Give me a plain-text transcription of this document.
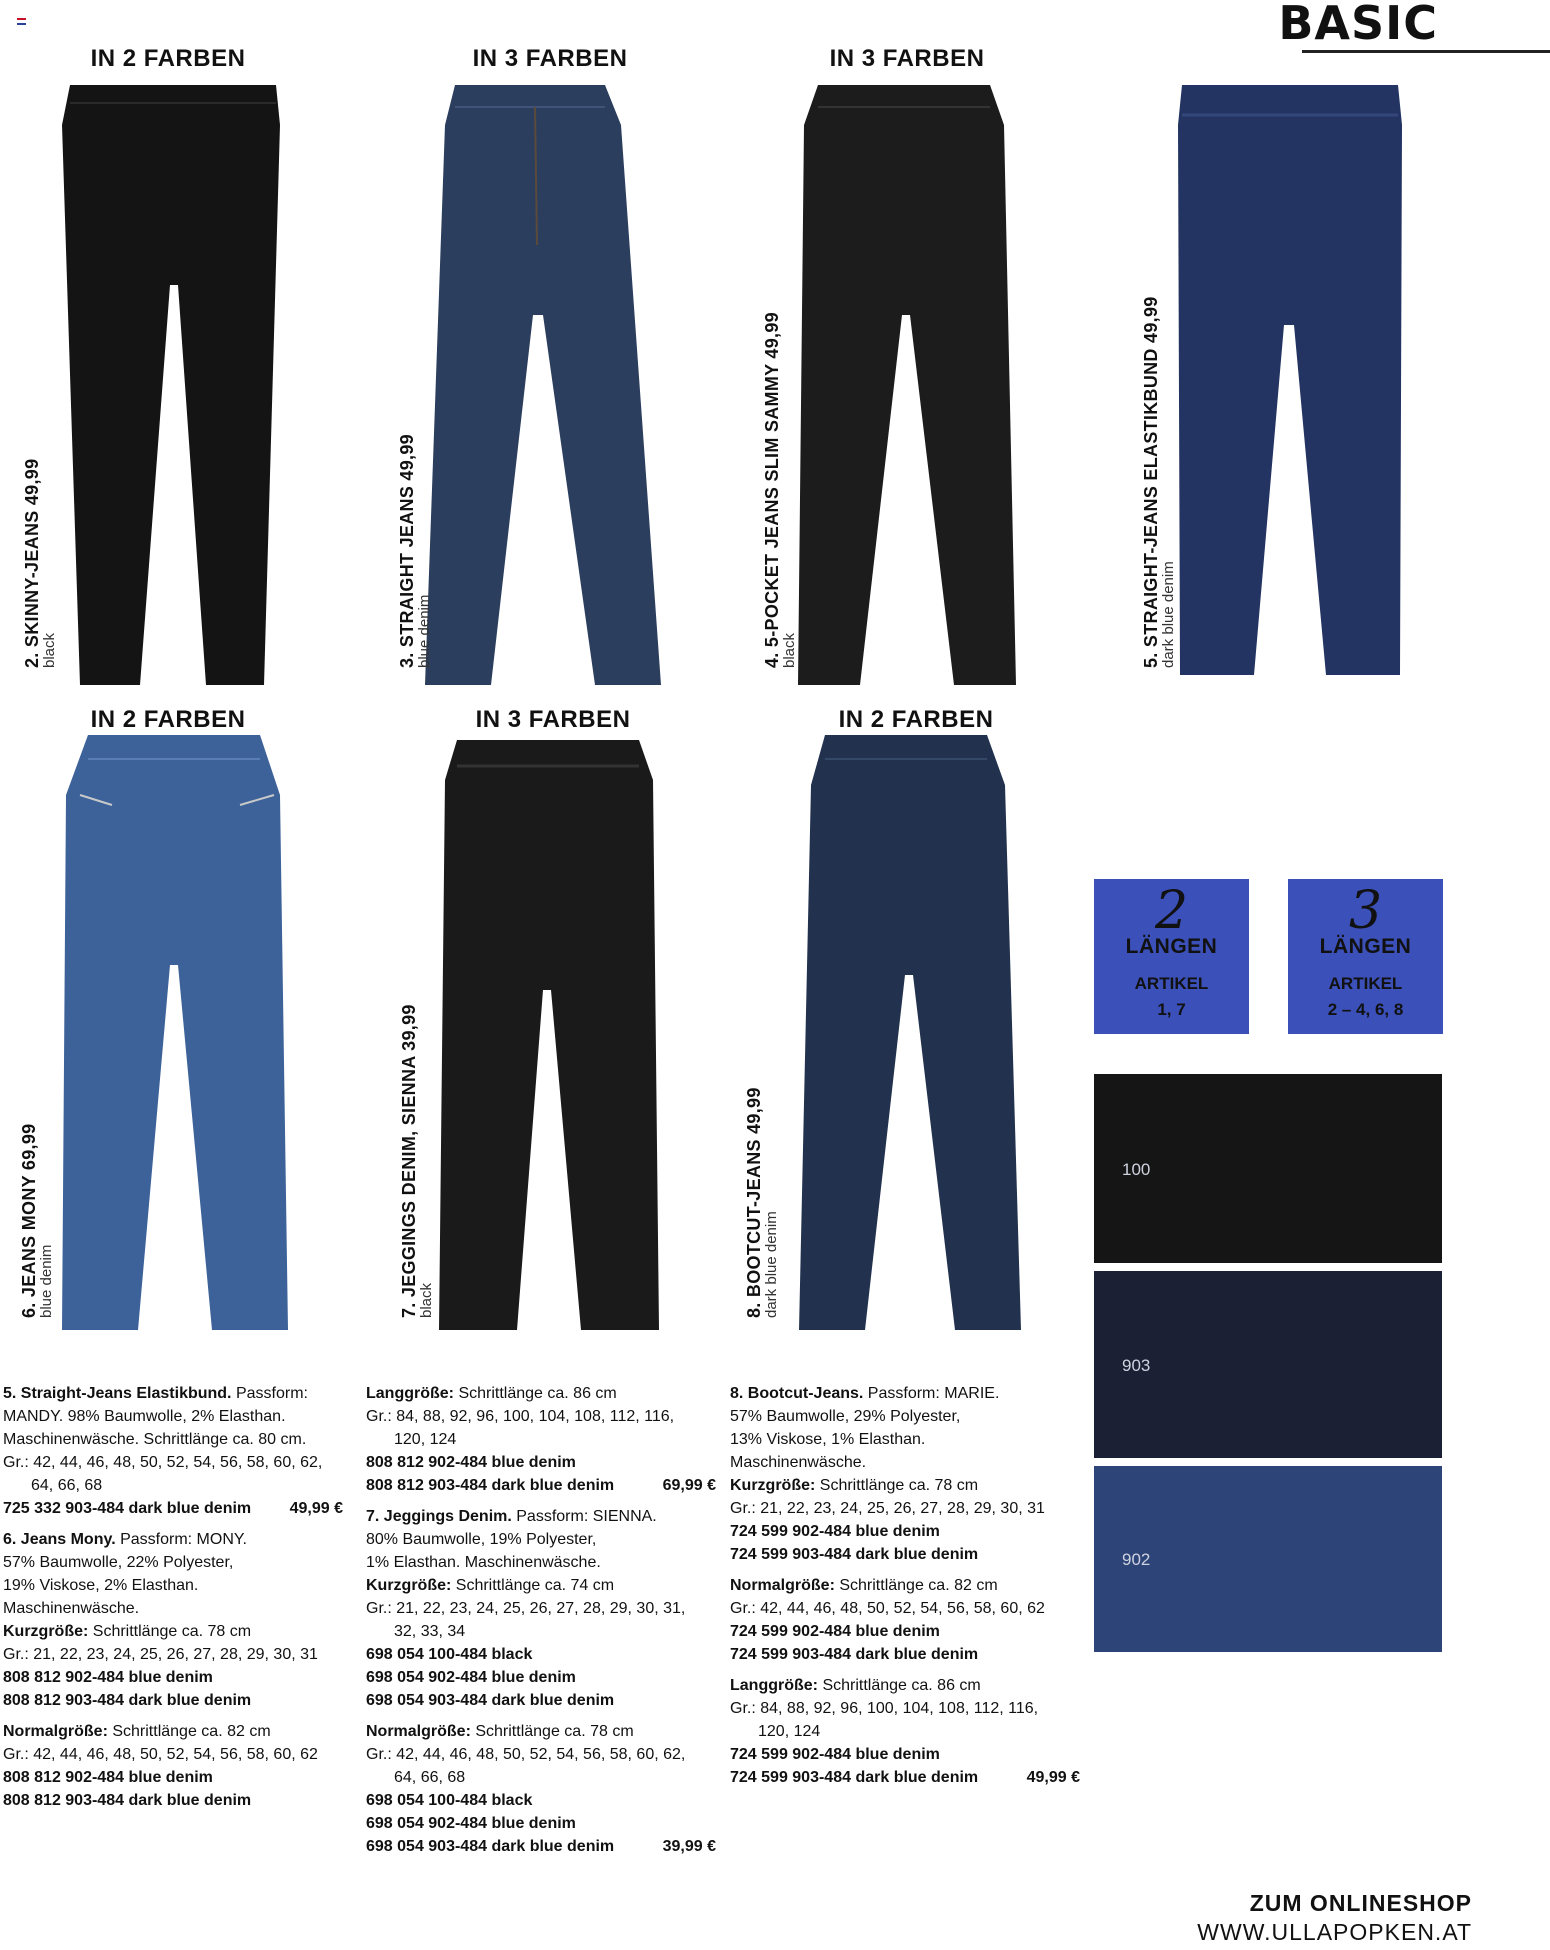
BASIC
IN 2 FARBEN
2. SKINNY-JEANS 49,99
black
IN 3 FARBEN
3. STRAIGHT JEANS 49,99
blue denim
IN 3 FARBEN
4. 5-POCKET JEANS SLIM SAMMY 49,99
black	5. STRAIGHT-JEANS ELASTIKBUND 49,99
dark blue denim
IN 2 FARBEN
6. JEANS MONY 69,99
blue denim
IN 3 FARBEN
7. JEGGINGS DENIM, SIENNA 39,99
black
IN 2 FARBEN
8. BOOTCUT-JEANS 49,99
dark blue denim
2
LÄNGEN
ARTIKEL
1, 7
3
LÄNGEN
ARTIKEL
2 – 4, 6, 8
100
903
902

5. Straight-Jeans Elastikbund. Passform:

MANDY. 98% Baumwolle, 2% Elasthan.

Maschinenwäsche. Schrittlänge ca. 80 cm.

Gr.: 42, 44, 46, 48, 50, 52, 54, 56, 58, 60, 62,

64, 66, 68

725 332 903-484 dark blue denim 49,99 €

6. Jeans Mony. Passform: MONY.

57% Baumwolle, 22% Polyester,

19% Viskose, 2% Elasthan.

Maschinenwäsche.

Kurzgröße: Schrittlänge ca. 78 cm

Gr.: 21, 22, 23, 24, 25, 26, 27, 28, 29, 30, 31

808 812 902-484 blue denim

808 812 903-484 dark blue denim

Normalgröße: Schrittlänge ca. 82 cm

Gr.: 42, 44, 46, 48, 50, 52, 54, 56, 58, 60, 62

808 812 902-484 blue denim

808 812 903-484 dark blue denim

Langgröße: Schrittlänge ca. 86 cm

Gr.: 84, 88, 92, 96, 100, 104, 108, 112, 116,

120, 124

808 812 902-484 blue denim

808 812 903-484 dark blue denim	69,99 €

7. Jeggings Denim. Passform: SIENNA.

80% Baumwolle, 19% Polyester,

1% Elasthan. Maschinenwäsche.

Kurzgröße: Schrittlänge ca. 74 cm

Gr.: 21, 22, 23, 24, 25, 26, 27, 28, 29, 30, 31,

32, 33, 34

698 054 100-484 black

698 054 902-484 blue denim

698 054 903-484 dark blue denim

Normalgröße: Schrittlänge ca. 78 cm

Gr.: 42, 44, 46, 48, 50, 52, 54, 56, 58, 60, 62,

64, 66, 68

698 054 100-484 black

698 054 902-484 blue denim

698 054 903-484 dark blue denim	39,99 €

8. Bootcut-Jeans. Passform: MARIE.

57% Baumwolle, 29% Polyester,

13% Viskose, 1% Elasthan.

Maschinenwäsche.

Kurzgröße: Schrittlänge ca. 78 cm

Gr.: 21, 22, 23, 24, 25, 26, 27, 28, 29, 30, 31

724 599 902-484 blue denim

724 599 903-484 dark blue denim

Normalgröße: Schrittlänge ca. 82 cm

Gr.: 42, 44, 46, 48, 50, 52, 54, 56, 58, 60, 62

724 599 902-484 blue denim

724 599 903-484 dark blue denim

Langgröße: Schrittlänge ca. 86 cm

Gr.: 84, 88, 92, 96, 100, 104, 108, 112, 116,

120, 124

724 599 902-484 blue denim

724 599 903-484 dark blue denim	49,99 €

ZUM ONLINESHOP
WWW.ULLAPOPKEN.AT
